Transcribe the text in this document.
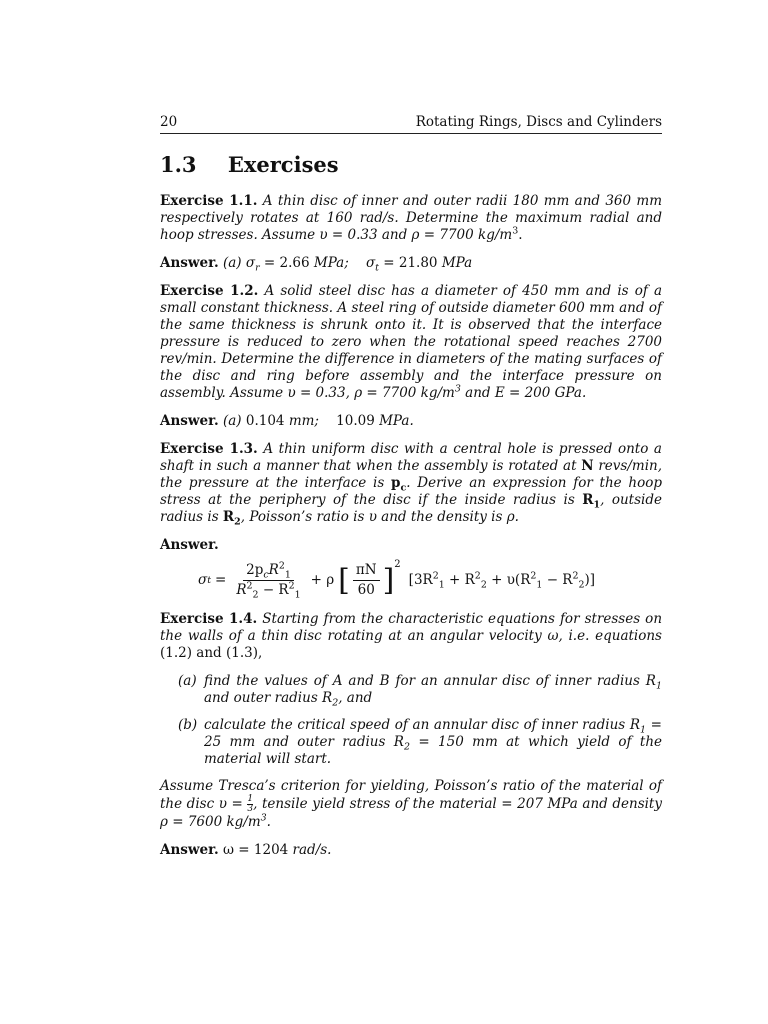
20	Rotating Rings, Discs and Cylinders
1.3 Exercises

Exercise 1.1. A thin disc of inner and outer radii 180 mm and 360 mm respectively rotates at 160 rad/s. Determine the maximum radial and hoop stresses. Assume υ = 0.33 and ρ = 7700 $kg/m^3$.

Answer. (a) $\sigma_r = 2.66$ MPa; $\sigma_t = 21.80$ MPa

Exercise 1.2. A solid steel disc has a diameter of 450 mm and is of a small constant thickness. A steel ring of outside diameter 600 mm and of the same thickness is shrunk onto it. It is observed that the interface pressure is reduced to zero when the rotational speed reaches 2700 rev/min. Determine the difference in diameters of the mating surfaces of the disc and ring before assembly and the interface pressure on assembly. Assume υ = 0.33, ρ = 7700 $kg/m^3$ and E = 200 GPa.

Answer. (a) 0.104 mm; 10.09 MPa.

Exercise 1.3. A thin uniform disc with a central hole is pressed onto a shaft in such a manner that when the assembly is rotated at N revs/min, the pressure at the interface is $p_c$. Derive an expression for the hoop stress at the periphery of the disc if the inside radius is $R_1$, outside radius is $R_2$, Poisson’s ratio is υ and the density is ρ.

Answer.

σ $t = \frac{2p_cR^2_1}{R^2_2 - R^2_1} + \rho$ [ $\frac{\pi N}{60}$ ] 2
$[3R^2_1 + R^2_2 + \upsilon(R^2_1 - R^2_2)]$

Exercise 1.4. Starting from the characteristic equations for stresses on the walls of a thin disc rotating at an angular velocity ω, i.e. equations (1.2) and (1.3),

(a) find the values of A and B for an annular disc of inner radius $R_1$ and outer radius $R_2$, and
(b) calculate the critical speed of an annular disc of inner radius $R_1 = 25$ mm and outer radius $R_2 = 150$ mm at which yield of the material will start.

Assume Tresca’s criterion for yielding, Poisson’s ratio of the material of the disc $\upsilon = \frac{1}{3}$ , tensile yield stress of the material = 207 MPa and density ρ = 7600 $kg/m^3$.

Answer. ω = 1204 rad/s.
